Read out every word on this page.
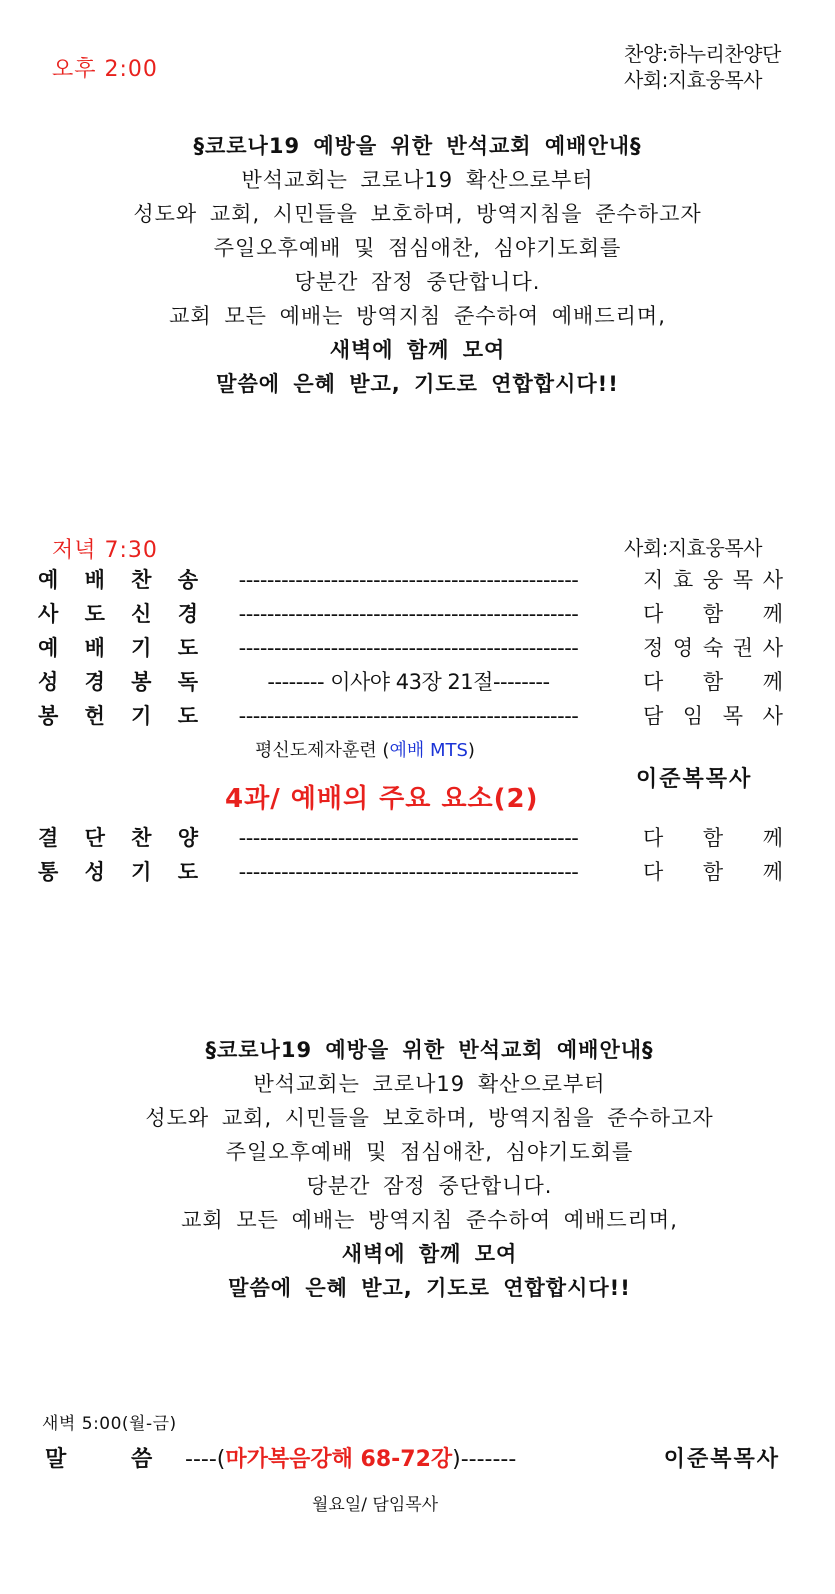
오후 2:00
찬양:하누리찬양단
사회:지효웅목사
§코로나19 예방을 위한 반석교회 예배안내§
반석교회는 코로나19 확산으로부터
성도와 교회, 시민들을 보호하며, 방역지침을 준수하고자
주일오후예배 및 점심애찬, 심야기도회를
당분간 잠정 중단합니다.
교회 모든 예배는 방역지침 준수하여 예배드리며,
새벽에 함께 모여
말씀에 은혜 받고, 기도로 연합합시다!!
저녁 7:30	사회:지효웅목사
예 배 찬 송	------------------------------------------------	지 효 웅 목 사
사 도 신 경	------------------------------------------------	다 함 께
예 배 기 도	------------------------------------------------	정 영 숙 권 사
성 경 봉 독	-------- 이사야 43장 21절--------	다 함 께
봉 헌 기 도	------------------------------------------------	담 임 목 사
평신도제자훈련 (예배 MTS)
4과/ 예배의 주요 요소(2)
이준복목사
결 단 찬 양	------------------------------------------------	다 함 께
통 성 기 도	------------------------------------------------	다 함 께
§코로나19 예방을 위한 반석교회 예배안내§
반석교회는 코로나19 확산으로부터
성도와 교회, 시민들을 보호하며, 방역지침을 준수하고자
주일오후예배 및 점심애찬, 심야기도회를
당분간 잠정 중단합니다.
교회 모든 예배는 방역지침 준수하여 예배드리며,
새벽에 함께 모여
말씀에 은혜 받고, 기도로 연합합시다!!
새벽 5:00(월-금)
말	씀 ----(마가복음강해 68-72강)-------	이준복목사
월요일/ 담임목사
